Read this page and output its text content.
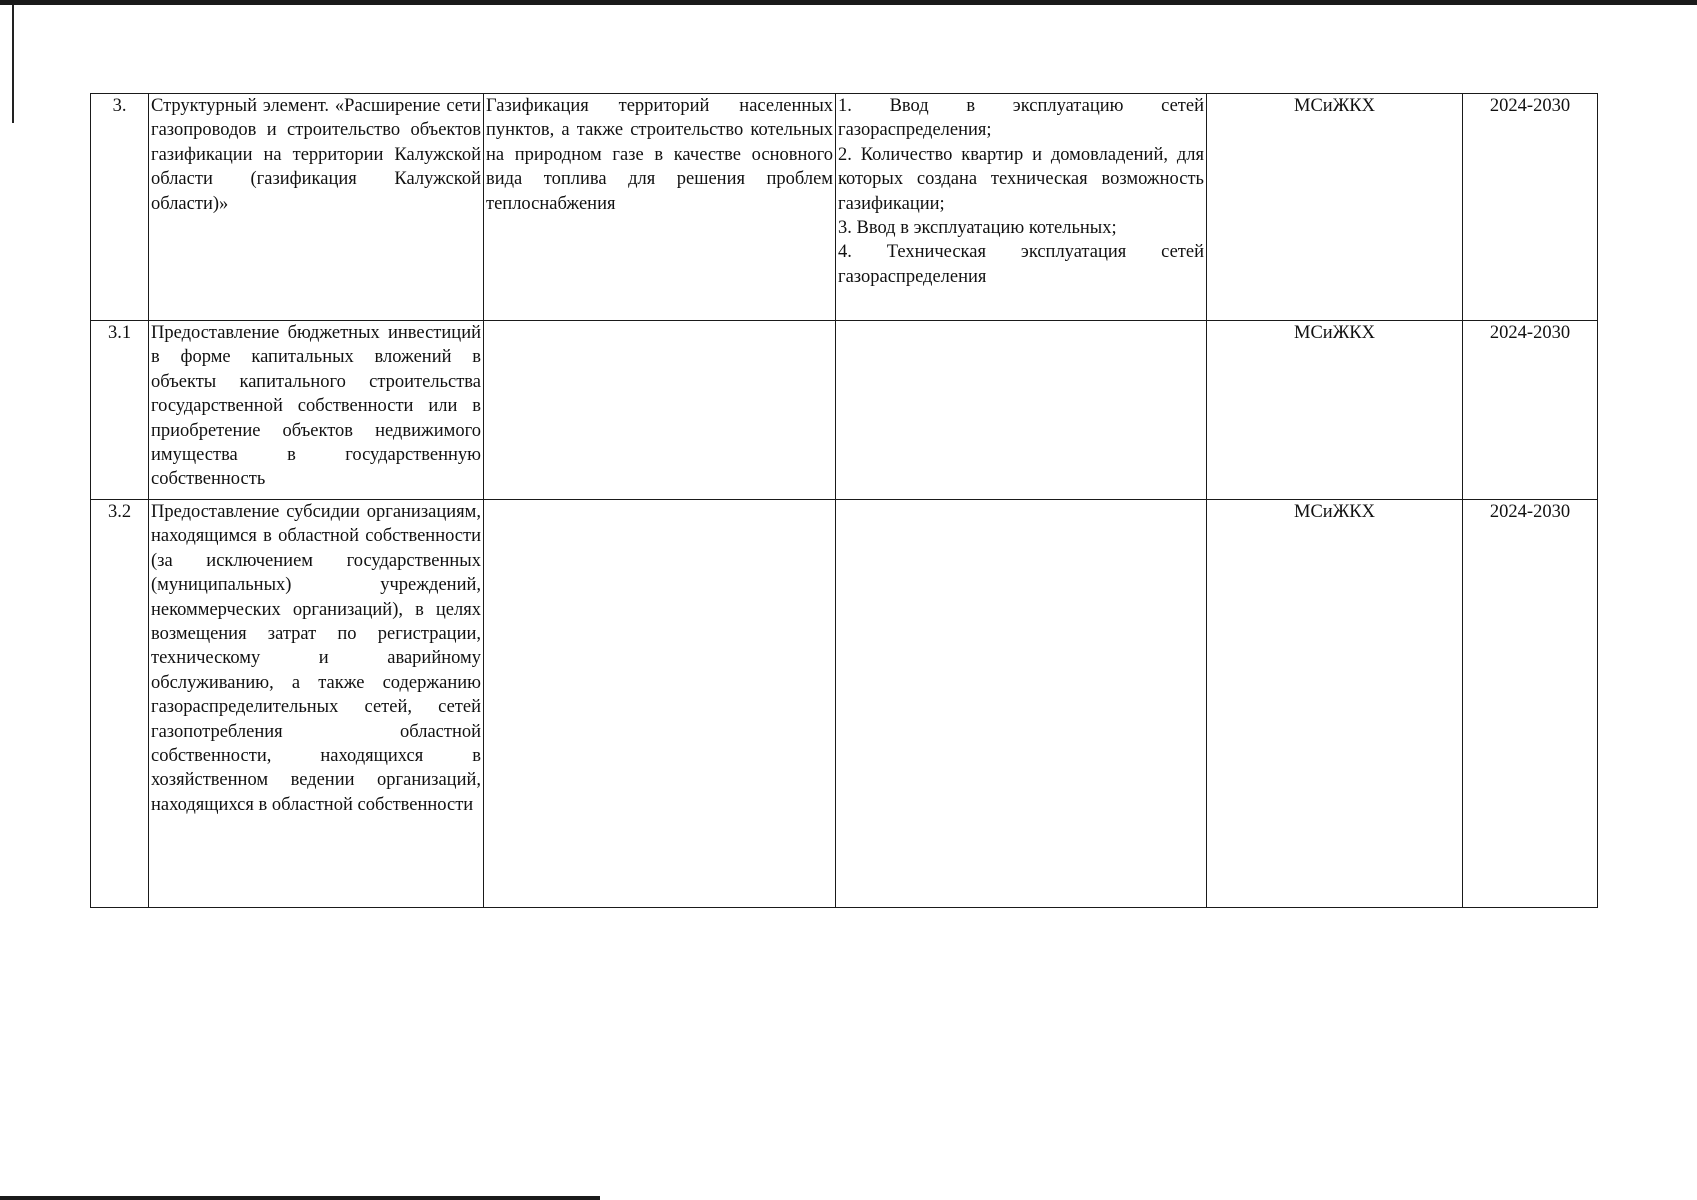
3.	Структурный элемент. «Расширение сети газопроводов и строительство объектов газификации на территории Калужской области (газификация Калужской области)»	Газификация территорий населенных пунктов, а также строительство котельных на природном газе в качестве основного вида топлива для решения проблем теплоснабжения	1. Ввод в эксплуатацию сетей газораспределения;
2. Количество квартир и домовладений, для которых создана техническая возможность газификации;
3. Ввод в эксплуатацию котельных;
4. Техническая эксплуатация сетей газораспределения	МСиЖКХ	2024-2030
3.1	Предоставление бюджетных инвестиций в форме капитальных вложений в объекты капитального строительства государственной собственности или в приобретение объектов недвижимого имущества в государственную собственность			МСиЖКХ	2024-2030
3.2	Предоставление субсидии организациям, находящимся в областной собственности (за исключением государственных (муниципальных) учреждений, некоммерческих организаций), в целях возмещения затрат по регистрации, техническому и аварийному обслуживанию, а также содержанию газораспределительных сетей, сетей газопотребления областной собственности, находящихся в хозяйственном ведении организаций, находящихся в областной собственности			МСиЖКХ	2024-2030
